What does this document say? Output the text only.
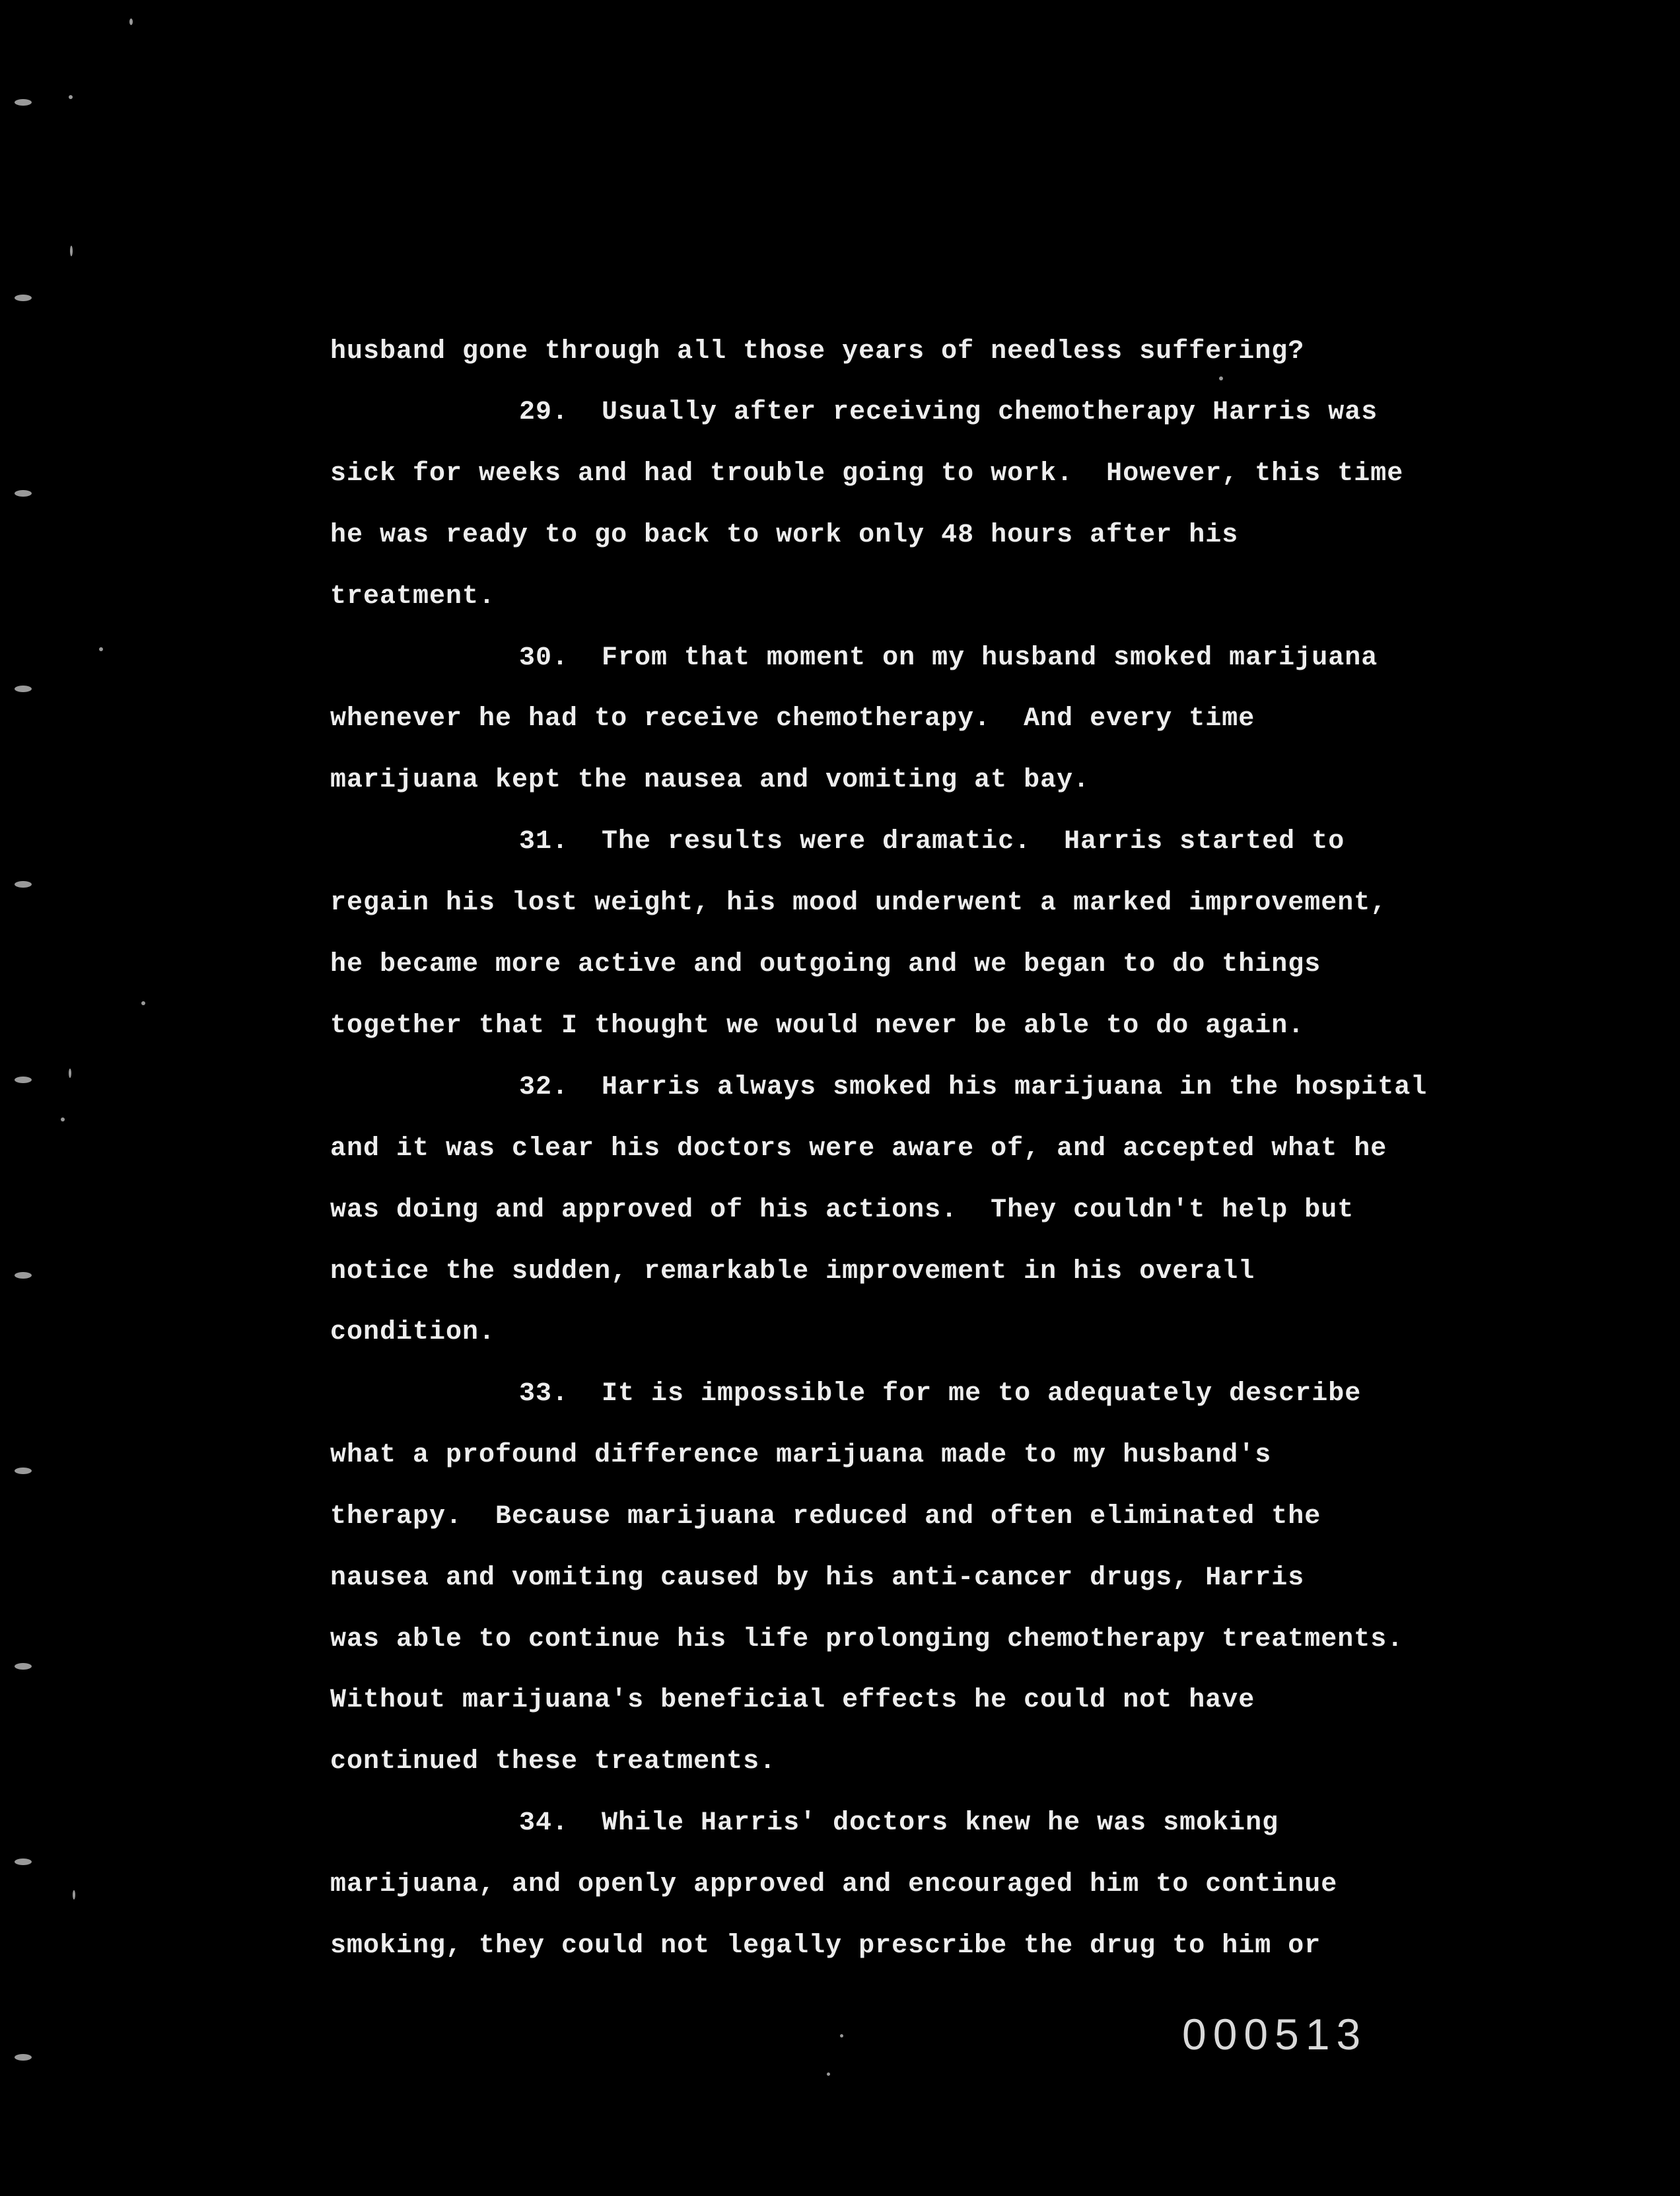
husband gone through all those years of needless suffering?
29.  Usually after receiving chemotherapy Harris was
sick for weeks and had trouble going to work.  However, this time
he was ready to go back to work only 48 hours after his
treatment.
30.  From that moment on my husband smoked marijuana
whenever he had to receive chemotherapy.  And every time
marijuana kept the nausea and vomiting at bay.
31.  The results were dramatic.  Harris started to
regain his lost weight, his mood underwent a marked improvement,
he became more active and outgoing and we began to do things
together that I thought we would never be able to do again.
32.  Harris always smoked his marijuana in the hospital
and it was clear his doctors were aware of, and accepted what he
was doing and approved of his actions.  They couldn't help but
notice the sudden, remarkable improvement in his overall
condition.
33.  It is impossible for me to adequately describe
what a profound difference marijuana made to my husband's
therapy.  Because marijuana reduced and often eliminated the
nausea and vomiting caused by his anti-cancer drugs, Harris
was able to continue his life prolonging chemotherapy treatments.
Without marijuana's beneficial effects he could not have
continued these treatments.
34.  While Harris' doctors knew he was smoking
marijuana, and openly approved and encouraged him to continue
smoking, they could not legally prescribe the drug to him or
000513
